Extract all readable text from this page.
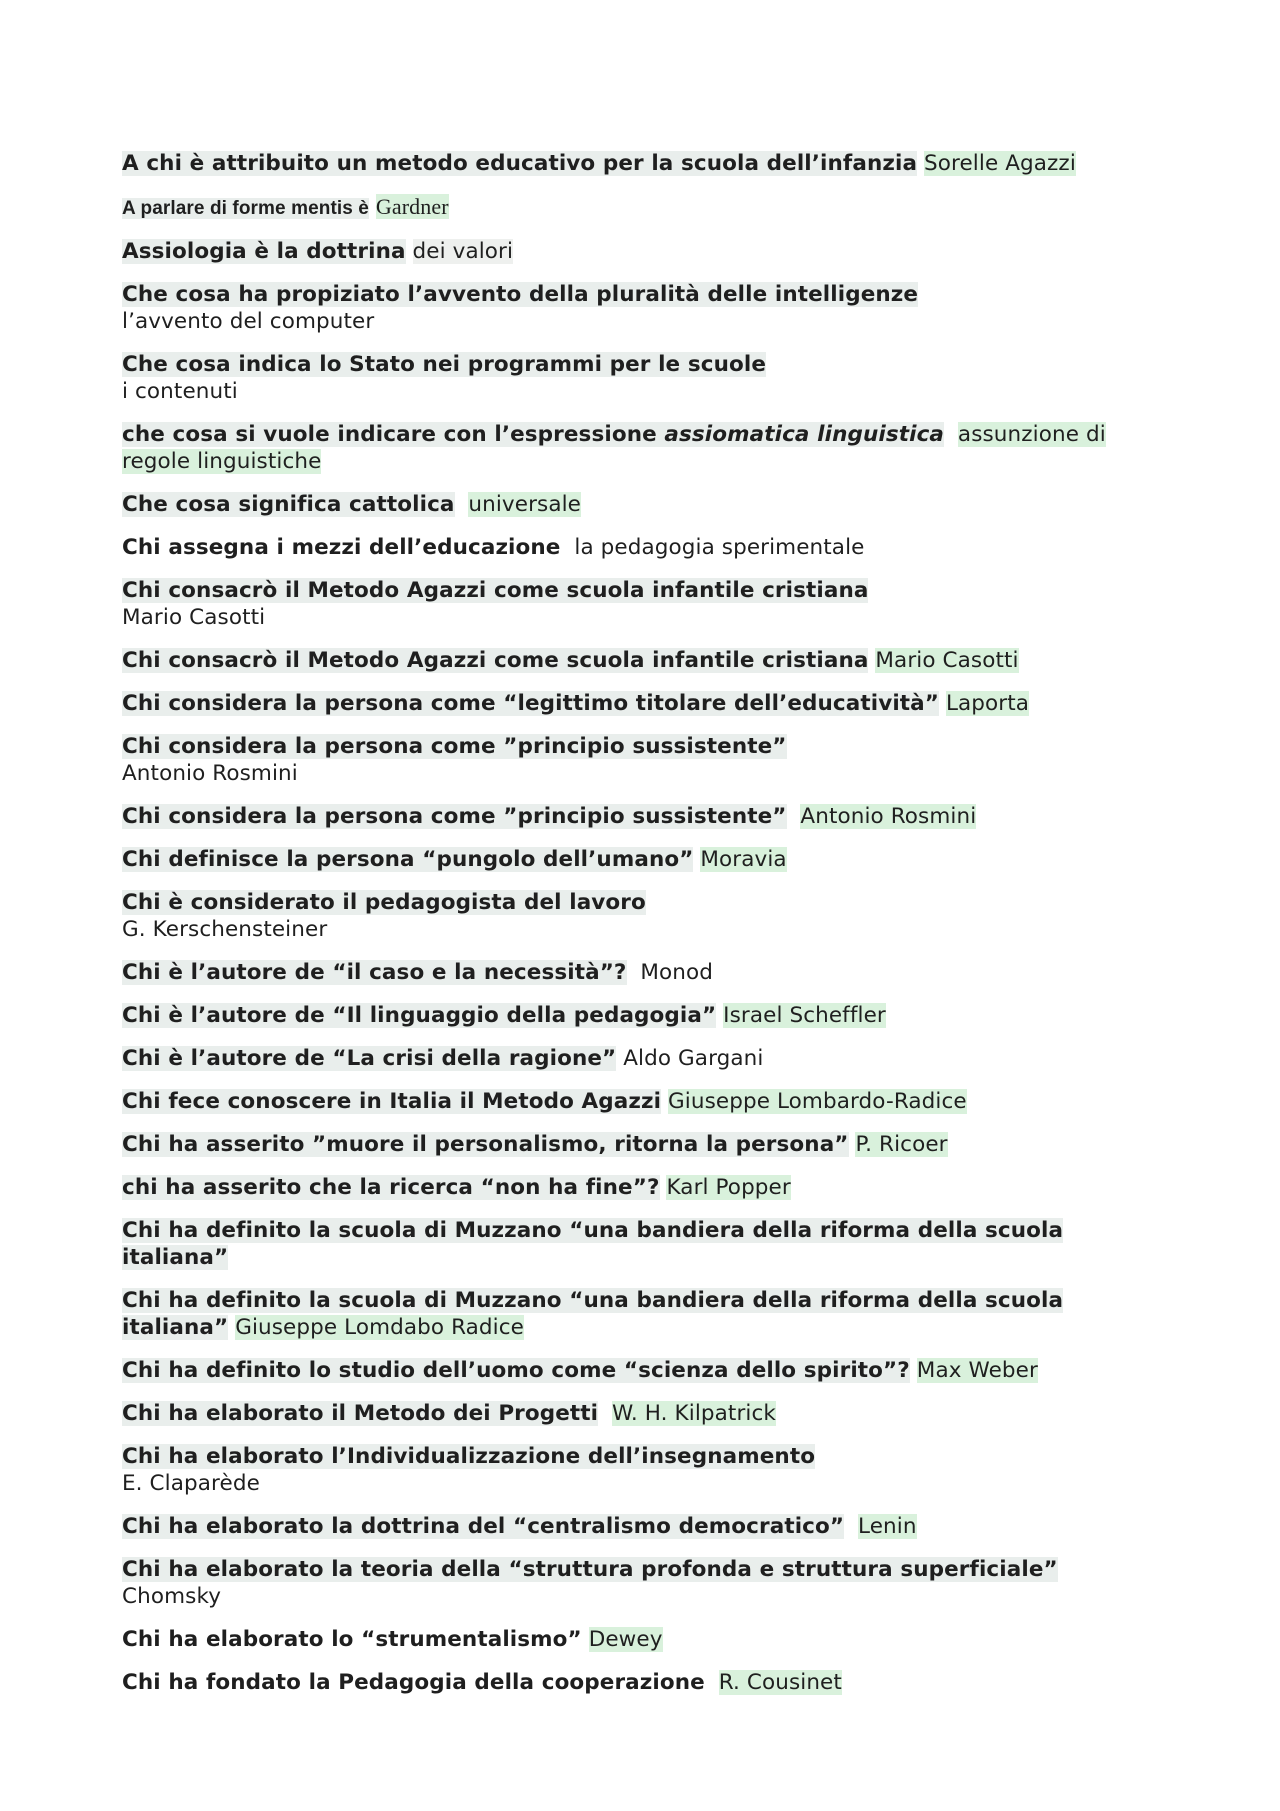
A chi è attribuito un metodo educativo per la scuola dell’infanzia Sorelle Agazzi

A parlare di forme mentis è Gardner

Assiologia è la dottrina dei valori

Che cosa ha propiziato l’avvento della pluralità delle intelligenze
l’avvento del computer

Che cosa indica lo Stato nei programmi per le scuole
i contenuti

che cosa si vuole indicare con l’espressione assiomatica linguistica assunzione di regole linguistiche

Che cosa significa cattolica universale

Chi assegna i mezzi dell’educazione la pedagogia sperimentale

Chi consacrò il Metodo Agazzi come scuola infantile cristiana
Mario Casotti

Chi consacrò il Metodo Agazzi come scuola infantile cristiana Mario Casotti

Chi considera la persona come “legittimo titolare dell’educatività” Laporta

Chi considera la persona come ”principio sussistente”
Antonio Rosmini

Chi considera la persona come ”principio sussistente” Antonio Rosmini

Chi definisce la persona “pungolo dell’umano” Moravia

Chi è considerato il pedagogista del lavoro
G. Kerschensteiner

Chi è l’autore de “il caso e la necessità”? Monod

Chi è l’autore de “Il linguaggio della pedagogia” Israel Scheffler

Chi è l’autore de “La crisi della ragione” Aldo Gargani

Chi fece conoscere in Italia il Metodo Agazzi Giuseppe Lombardo-Radice

Chi ha asserito ”muore il personalismo, ritorna la persona” P. Ricoer

chi ha asserito che la ricerca “non ha fine”? Karl Popper

Chi ha definito la scuola di Muzzano “una bandiera della riforma della scuola italiana”

Chi ha definito la scuola di Muzzano “una bandiera della riforma della scuola italiana” Giuseppe Lomdabo Radice

Chi ha definito lo studio dell’uomo come “scienza dello spirito”? Max Weber

Chi ha elaborato il Metodo dei Progetti W. H. Kilpatrick

Chi ha elaborato l’Individualizzazione dell’insegnamento
E. Claparède

Chi ha elaborato la dottrina del “centralismo democratico” Lenin

Chi ha elaborato la teoria della “struttura profonda e struttura superficiale”
Chomsky

Chi ha elaborato lo “strumentalismo” Dewey

Chi ha fondato la Pedagogia della cooperazione R. Cousinet
